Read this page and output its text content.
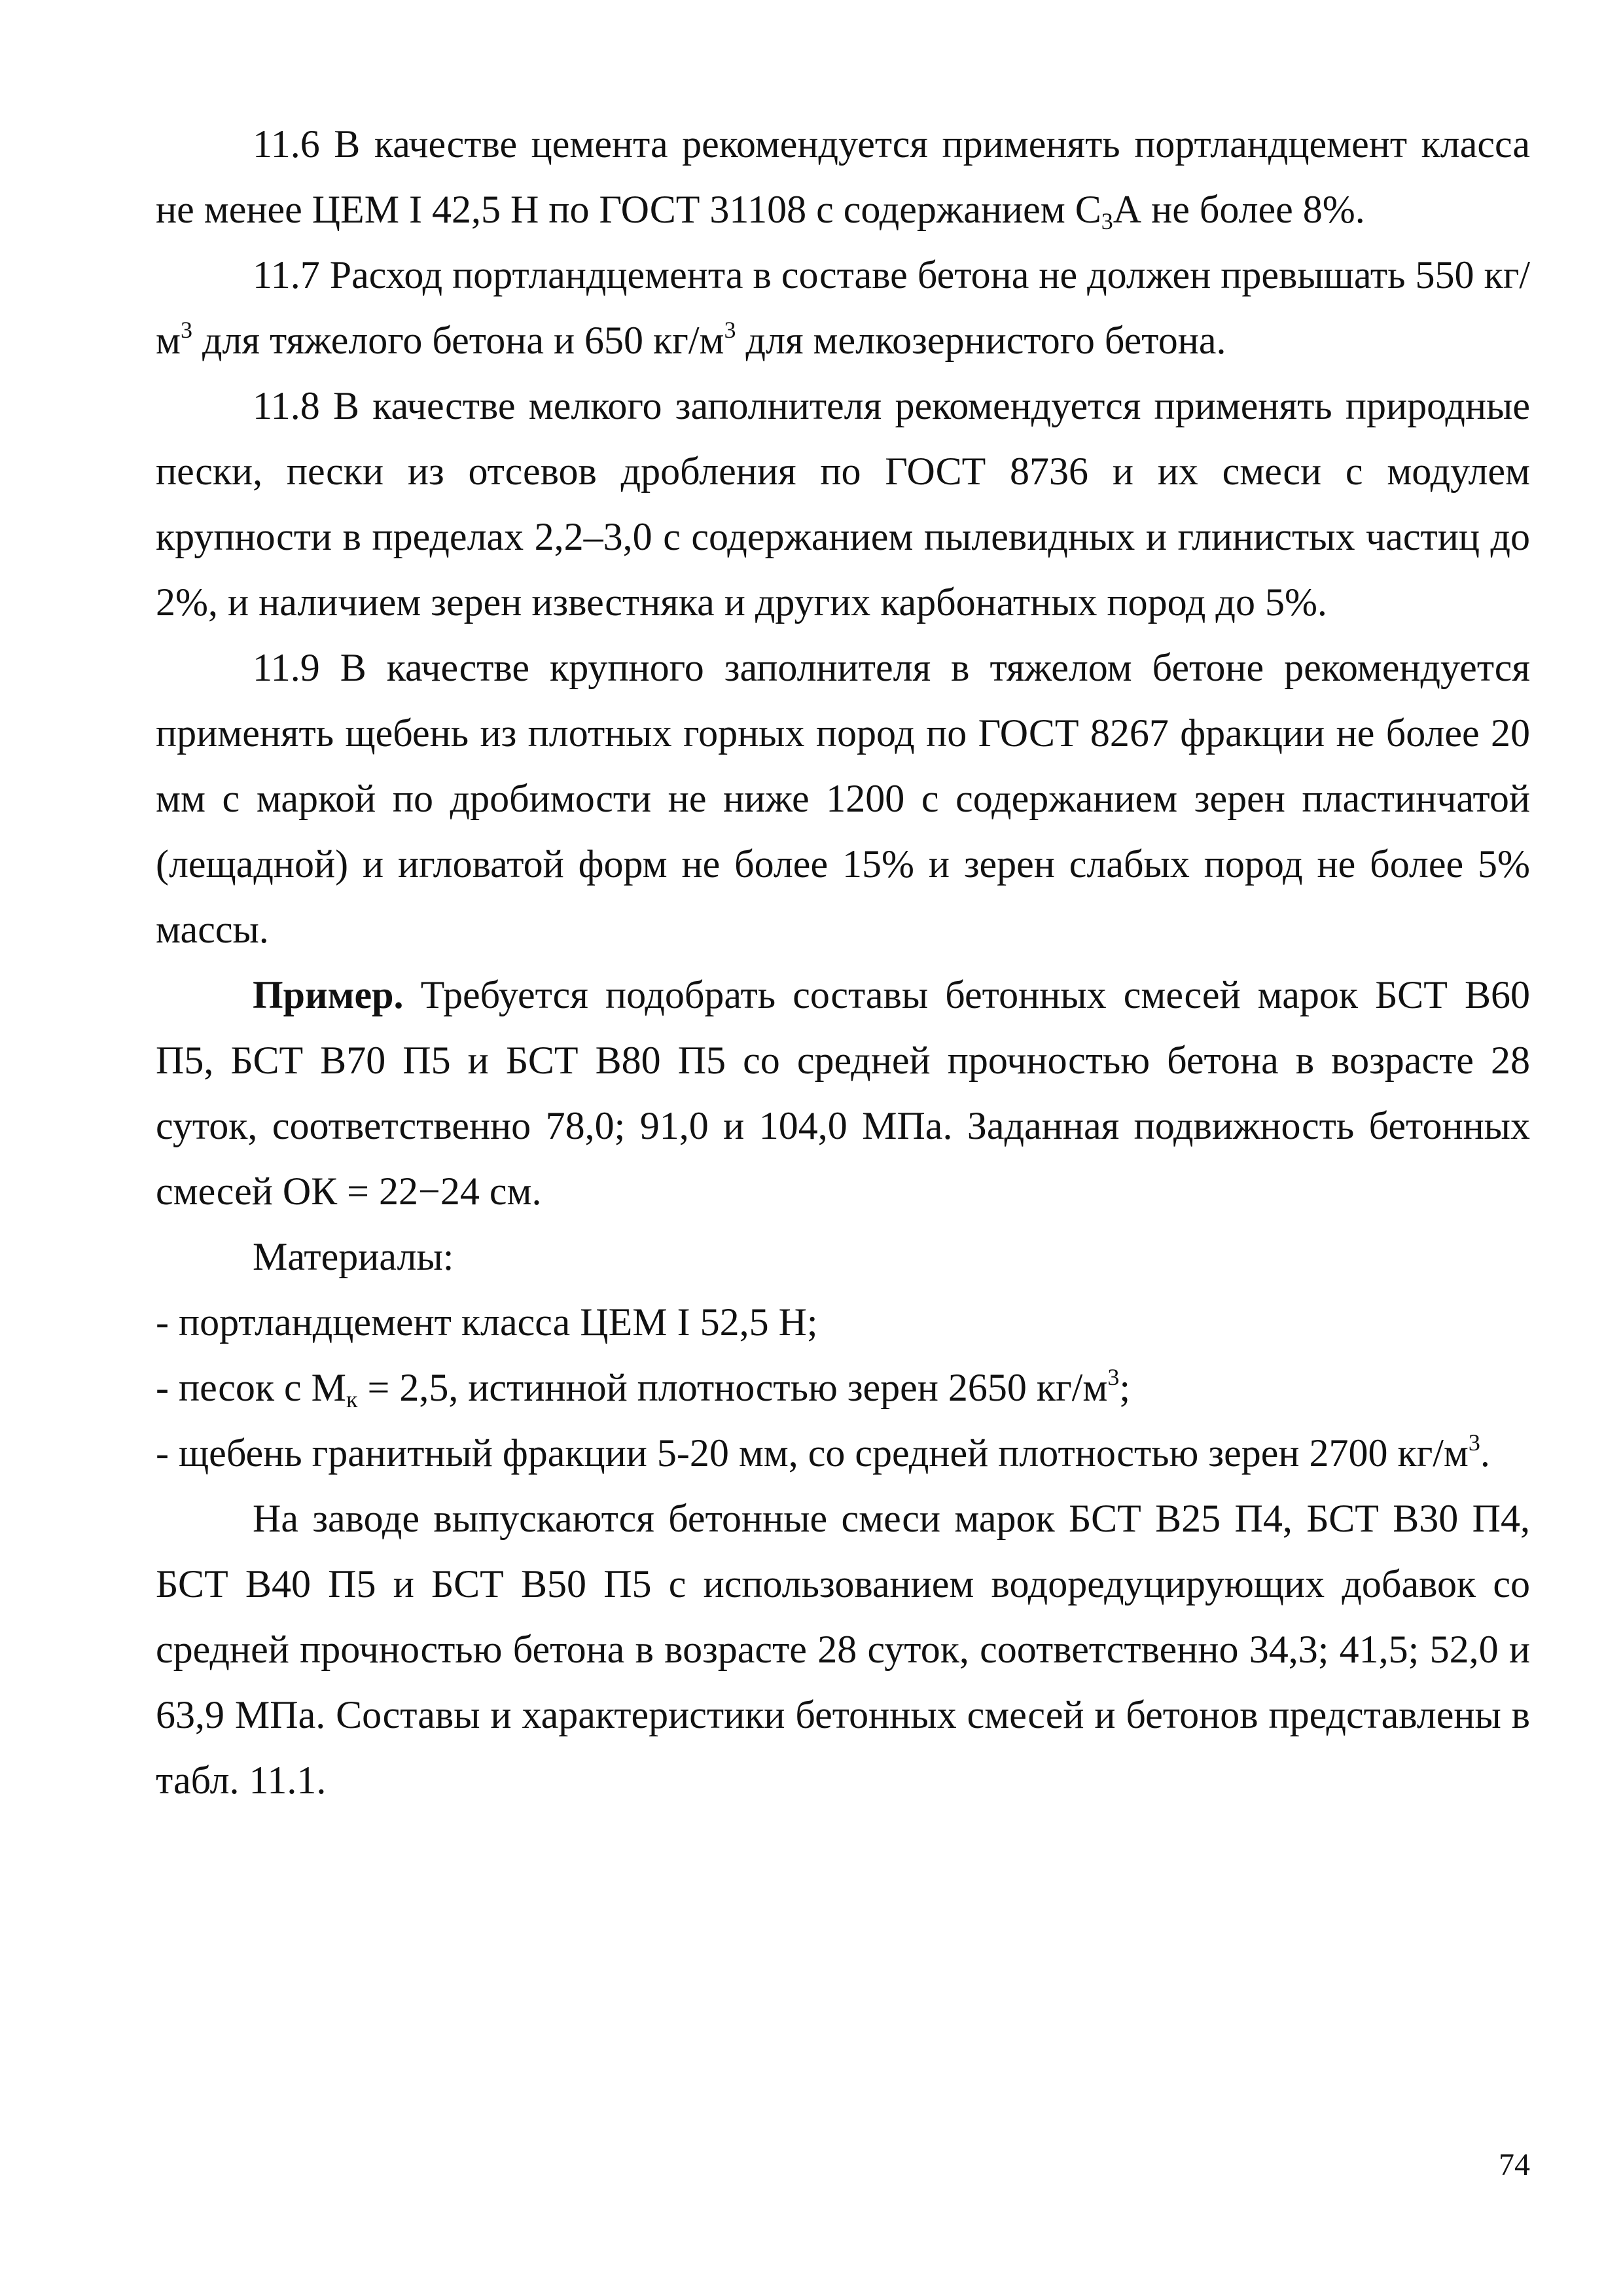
11.6 В качестве цемента рекомендуется применять портландцемент класса не менее ЦЕМ I 42,5 Н по ГОСТ 31108 с содержанием $С_3А$ не более 8%.

11.7 Расход портландцемента в составе бетона не должен превышать 550 $кг/м^3$ для тяжелого бетона и 650 $кг/м^3$ для мелкозернистого бетона.

11.8 В качестве мелкого заполнителя рекомендуется применять природные пески, пески из отсевов дробления по ГОСТ 8736 и их смеси с модулем крупности в пределах 2,2–3,0 с содержанием пылевидных и глинистых частиц до 2%, и наличием зерен известняка и других карбонатных пород до 5%.

11.9 В качестве крупного заполнителя в тяжелом бетоне рекомендуется применять щебень из плотных горных пород по ГОСТ 8267 фракции не более 20 мм с маркой по дробимости не ниже 1200 с содержанием зерен пластинчатой (лещадной) и игловатой форм не более 15% и зерен слабых пород не более 5% массы.

Пример. Требуется подобрать составы бетонных смесей марок БСТ В60 П5, БСТ В70 П5 и БСТ В80 П5 со средней прочностью бетона в возрасте 28 суток, соответственно 78,0; 91,0 и 104,0 МПа. Заданная подвижность бетонных смесей ОК = 22−24 см.

Материалы:

- портландцемент класса ЦЕМ I 52,5 Н;

- песок с $М_к = 2,5$, истинной плотностью зерен 2650 $кг/м^3$;

- щебень гранитный фракции 5-20 мм, со средней плотностью зерен 2700 $кг/м^3$.

На заводе выпускаются бетонные смеси марок БСТ В25 П4, БСТ В30 П4, БСТ В40 П5 и БСТ В50 П5 с использованием водоредуцирующих добавок со средней прочностью бетона в возрасте 28 суток, соответственно 34,3; 41,5; 52,0 и 63,9 МПа. Составы и характеристики бетонных смесей и бетонов представлены в табл. 11.1.

74
